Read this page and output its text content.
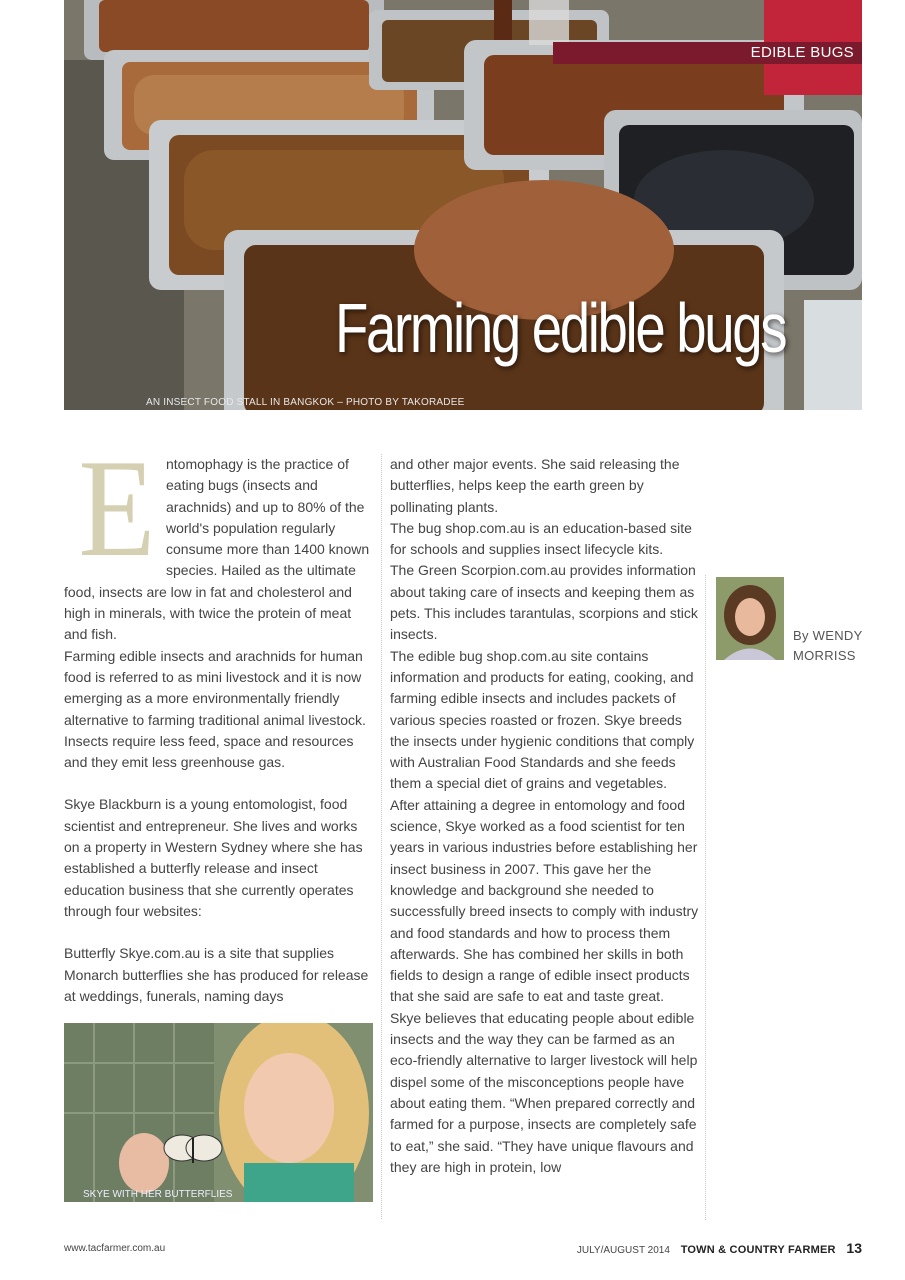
AN INSECT FOOD STALL IN BANGKOK – PHOTO BY TAKORADEE
EDIBLE BUGS
Farming edible bugs
E ntomophagy is the practice of eating bugs (insects and arachnids) and up to 80% of the world's population regularly consume more than 1400 known species. Hailed as the ultimate food, insects are low in fat and cholesterol and high in minerals, with twice the protein of meat and fish.

Farming edible insects and arachnids for human food is referred to as mini livestock and it is now emerging as a more environmentally friendly alternative to farming traditional animal livestock. Insects require less feed, space and resources and they emit less greenhouse gas.

Skye Blackburn is a young entomologist, food scientist and entrepreneur. She lives and works on a property in Western Sydney where she has established a butterfly release and insect education business that she currently operates through four websites:

Butterfly Skye.com.au is a site that supplies Monarch butterflies she has produced for release at weddings, funerals, naming days

SKYE WITH HER BUTTERFLIES

and other major events. She said releasing the butterflies, helps keep the earth green by pollinating plants.

The bug shop.com.au is an education-based site for schools and supplies insect lifecycle kits.

The Green Scorpion.com.au provides information about taking care of insects and keeping them as pets. This includes tarantulas, scorpions and stick insects.

The edible bug shop.com.au site contains information and products for eating, cooking, and farming edible insects and includes packets of various species roasted or frozen. Skye breeds the insects under hygienic conditions that comply with Australian Food Standards and she feeds them a special diet of grains and vegetables.

After attaining a degree in entomology and food science, Skye worked as a food scientist for ten years in various industries before establishing her insect business in 2007. This gave her the knowledge and background she needed to successfully breed insects to comply with industry and food standards and how to process them afterwards. She has combined her skills in both fields to design a range of edible insect products that she said are safe to eat and taste great.

Skye believes that educating people about edible insects and the way they can be farmed as an eco-friendly alternative to larger livestock will help dispel some of the misconceptions people have about eating them. “When prepared correctly and farmed for a purpose, insects are completely safe to eat,” she said. “They have unique flavours and they are high in protein, low

By WENDY
MORRISS
www.tacfarmer.com.au	JULY/AUGUST 2014 TOWN & COUNTRY FARMER 13
